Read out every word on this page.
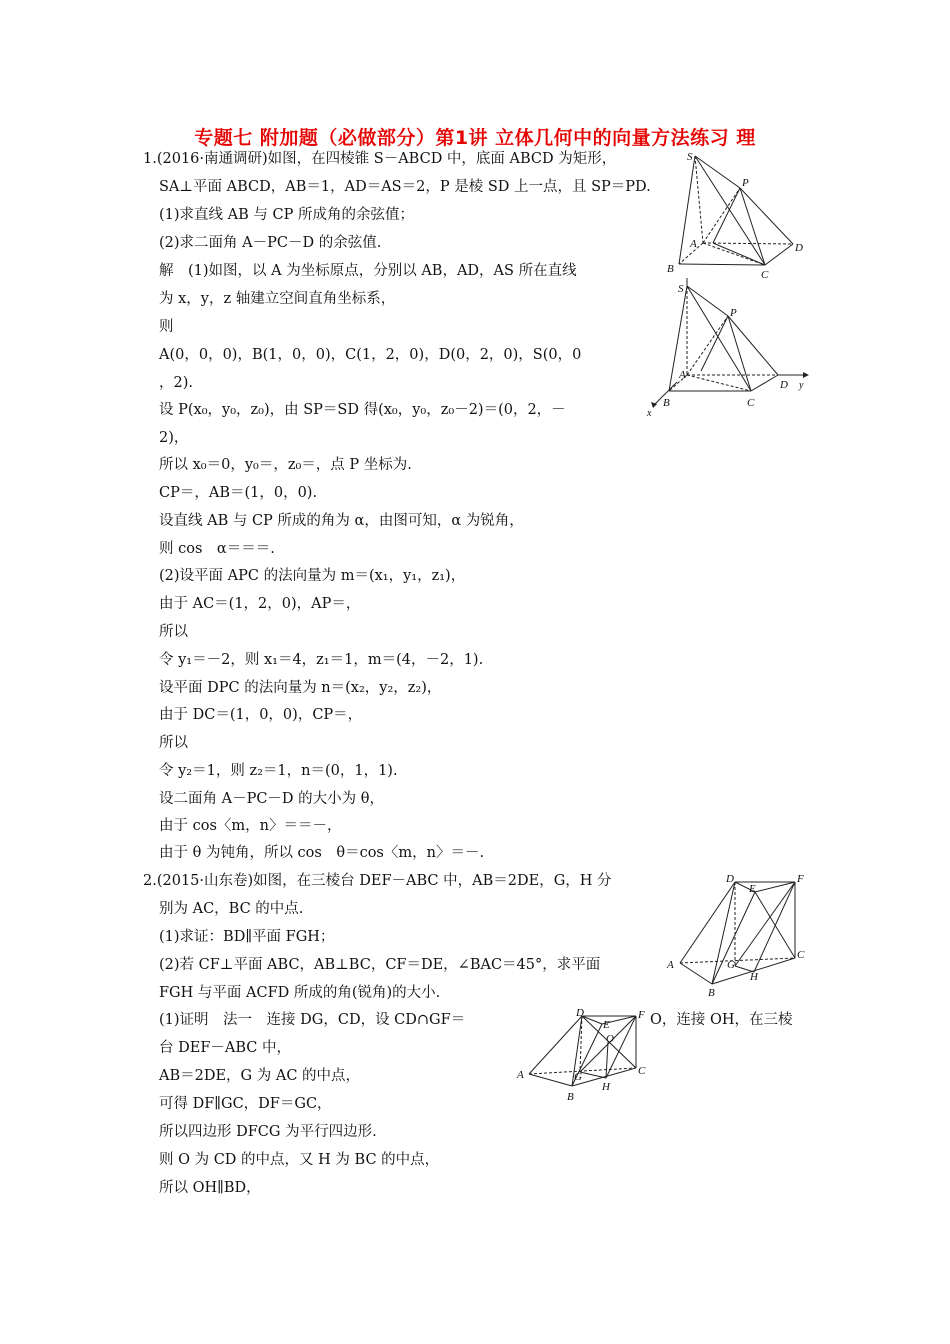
专题七 附加题（必做部分）第1讲 立体几何中的向量方法练习 理
1.(2016·南通调研)如图，在四棱锥 S－ABCD 中，底面 ABCD 为矩形，
SA⊥平面 ABCD，AB＝1，AD＝AS＝2，P 是棱 SD 上一点，且 SP＝PD.
(1)求直线 AB 与 CP 所成角的余弦值；
(2)求二面角 A－PC－D 的余弦值.
解　(1)如图，以 A 为坐标原点，分别以 AB，AD，AS 所在直线
为 x，y，z 轴建立空间直角坐标系，
则
A(0，0，0)，B(1，0，0)，C(1，2，0)，D(0，2，0)，S(0，0
，2).
设 P(x₀，y₀，z₀)，由 SP＝SD 得(x₀，y₀，z₀－2)＝(0，2，－
2)，
所以 x₀＝0，y₀＝，z₀＝，点 P 坐标为.
CP＝，AB＝(1，0，0).
设直线 AB 与 CP 所成的角为 α，由图可知，α 为锐角，
则 cos　α＝＝＝.
(2)设平面 APC 的法向量为 m＝(x₁，y₁，z₁)，
由于 AC＝(1，2，0)，AP＝，
所以
令 y₁＝－2，则 x₁＝4，z₁＝1，m＝(4，－2，1).
设平面 DPC 的法向量为 n＝(x₂，y₂，z₂)，
由于 DC＝(1，0，0)，CP＝，
所以
令 y₂＝1，则 z₂＝1，n＝(0，1，1).
设二面角 A－PC－D 的大小为 θ，
由于 cos〈m，n〉＝＝－，
由于 θ 为钝角，所以 cos　θ＝cos〈m，n〉＝－.
2.(2015·山东卷)如图，在三棱台 DEF－ABC 中，AB＝2DE，G，H 分
别为 AC，BC 的中点.
(1)求证：BD∥平面 FGH；
(2)若 CF⊥平面 ABC，AB⊥BC，CF＝DE，∠BAC＝45°，求平面
FGH 与平面 ACFD 所成的角(锐角)的大小.
(1)证明　法一　连接 DG，CD，设 CD∩GF＝	O，连接 OH，在三棱
台 DEF－ABC 中，
AB＝2DE，G 为 AC 的中点，
可得 DF∥GC，DF＝GC，
所以四边形 DFCG 为平行四边形.
则 O 为 CD 的中点，又 H 为 BC 的中点，
所以 OH∥BD，
S
P
A
B	C
D
S
P
A
B	C
D y
x
D
E
F
A	G
B
H
C
D
E
F
O
A	G	C
B
H
